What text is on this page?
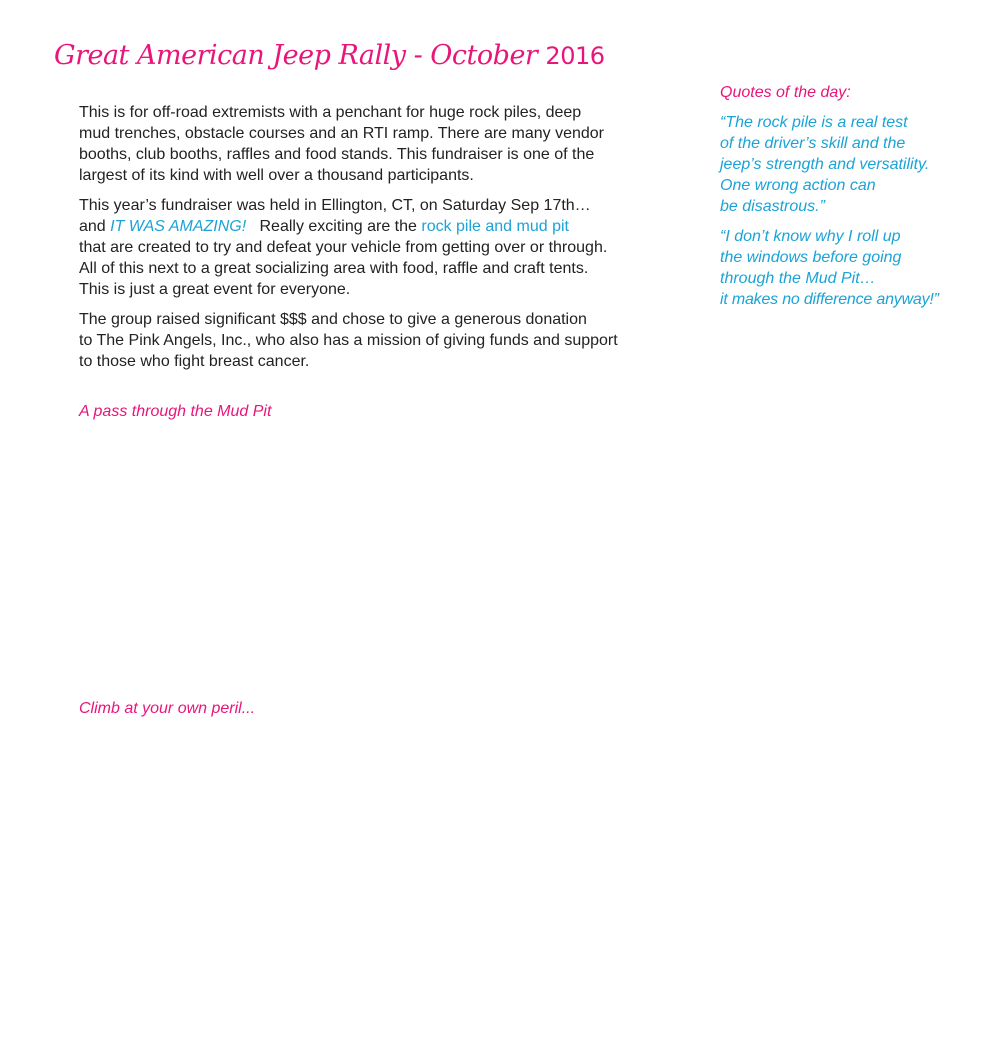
Great American Jeep Rally - October 2016

This is for off-road extremists with a penchant for huge rock piles, deep
mud trenches, obstacle courses and an RTI ramp. There are many vendor
booths, club booths, raffles and food stands. This fundraiser is one of the
largest of its kind with well over a thousand participants.

This year’s fundraiser was held in Ellington, CT, on Saturday Sep 17th…
and IT WAS AMAZING!   Really exciting are the rock pile and mud pit
that are created to try and defeat your vehicle from getting over or through.
All of this next to a great socializing area with food, raffle and craft tents.
This is just a great event for everyone.

The group raised significant $$$ and chose to give a generous donation
to The Pink Angels, Inc., who also has a mission of giving funds and support
to those who fight breast cancer.

A pass through the Mud Pit
Climb at your own peril...

Quotes of the day:

“The rock pile is a real test
of the driver’s skill and the
jeep’s strength and versatility.
One wrong action can
be disastrous.”

“I don’t know why I roll up
the windows before going
through the Mud Pit…
it makes no difference anyway!”
